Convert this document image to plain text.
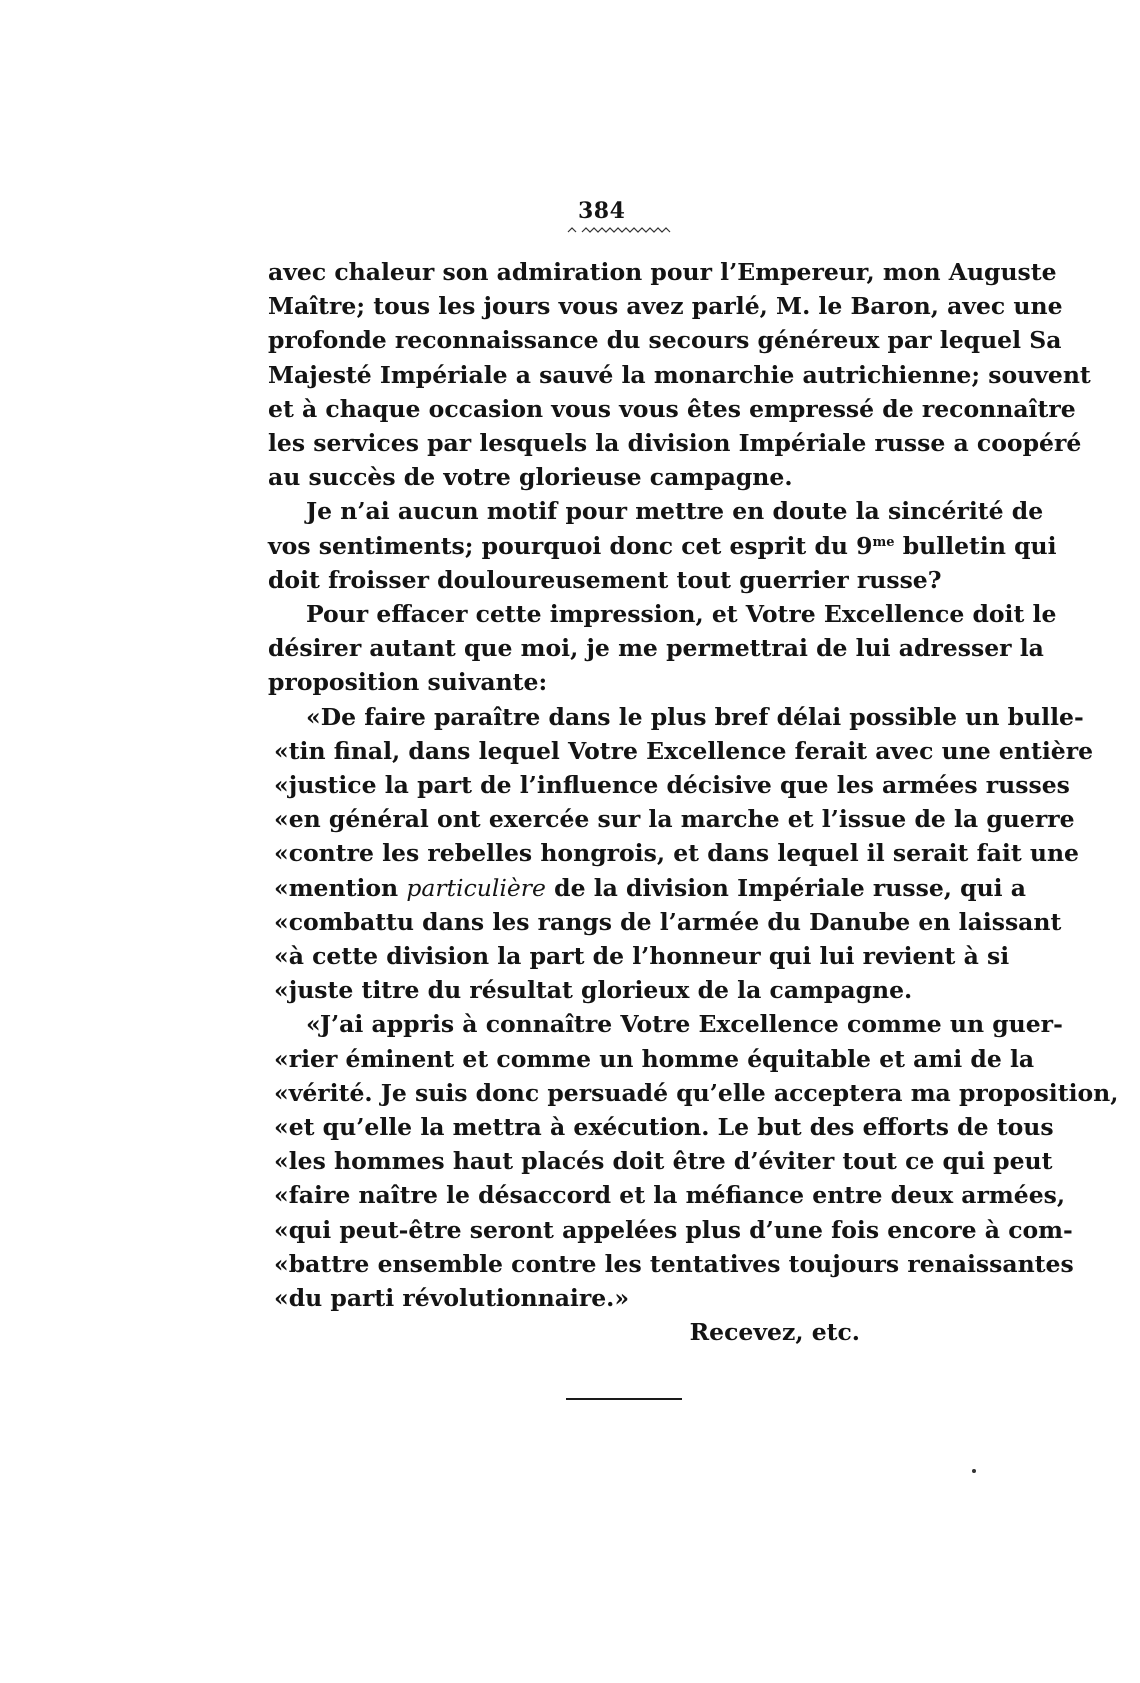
384
avec chaleur son admiration pour l’Empereur, mon Auguste
Maître; tous les jours vous avez parlé, M. le Baron, avec une
profonde reconnaissance du secours généreux par lequel Sa
Majesté Impériale a sauvé la monarchie autrichienne; souvent
et à chaque occasion vous vous êtes empressé de reconnaître
les services par lesquels la division Impériale russe a coopéré
au succès de votre glorieuse campagne.
Je n’ai aucun motif pour mettre en doute la sincérité de
vos sentiments; pourquoi donc cet esprit du $9^{me}$ bulletin qui
doit froisser douloureusement tout guerrier russe?
Pour effacer cette impression, et Votre Excellence doit le
désirer autant que moi, je me permettrai de lui adresser la
proposition suivante:
«De faire paraître dans le plus bref délai possible un bulle-
«tin final, dans lequel Votre Excellence ferait avec une entière
«justice la part de l’influence décisive que les armées russes
«en général ont exercée sur la marche et l’issue de la guerre
«contre les rebelles hongrois, et dans lequel il serait fait une
«mention particulière de la division Impériale russe, qui a
«combattu dans les rangs de l’armée du Danube en laissant
«à cette division la part de l’honneur qui lui revient à si
«juste titre du résultat glorieux de la campagne.
«J’ai appris à connaître Votre Excellence comme un guer-
«rier éminent et comme un homme équitable et ami de la
«vérité. Je suis donc persuadé qu’elle acceptera ma proposition,
«et qu’elle la mettra à exécution. Le but des efforts de tous
«les hommes haut placés doit être d’éviter tout ce qui peut
«faire naître le désaccord et la méfiance entre deux armées,
«qui peut-être seront appelées plus d’une fois encore à com-
«battre ensemble contre les tentatives toujours renaissantes
«du parti révolutionnaire.»
Recevez, etc.
